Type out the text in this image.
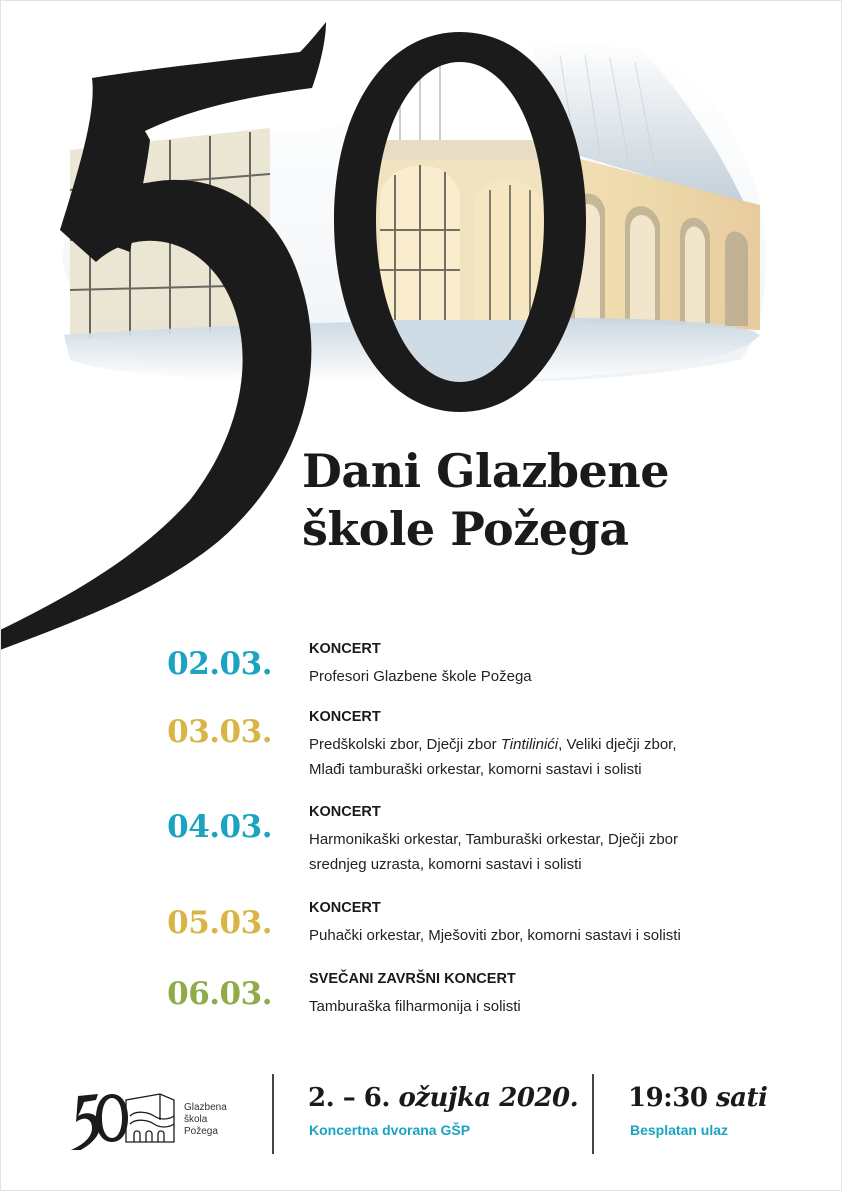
Dani Glazbene
škole Požega
02.03.	KONCERT
Profesori Glazbene škole Požega
03.03.	KONCERT
Predškolski zbor, Dječji zbor Tintilinići, Veliki dječji zbor,
Mlađi tamburaški orkestar, komorni sastavi i solisti
04.03.	KONCERT
Harmonikaški orkestar, Tamburaški orkestar, Dječji zbor
srednjeg uzrasta, komorni sastavi i solisti
05.03.	KONCERT
Puhački orkestar, Mješoviti zbor, komorni sastavi i solisti
06.03.	SVEČANI ZAVRŠNI KONCERT
Tamburaška filharmonija i solisti
Glazbena
škola
Požega
2. – 6. ožujka 2020.
Koncertna dvorana GŠP
19:30 sati
Besplatan ulaz
